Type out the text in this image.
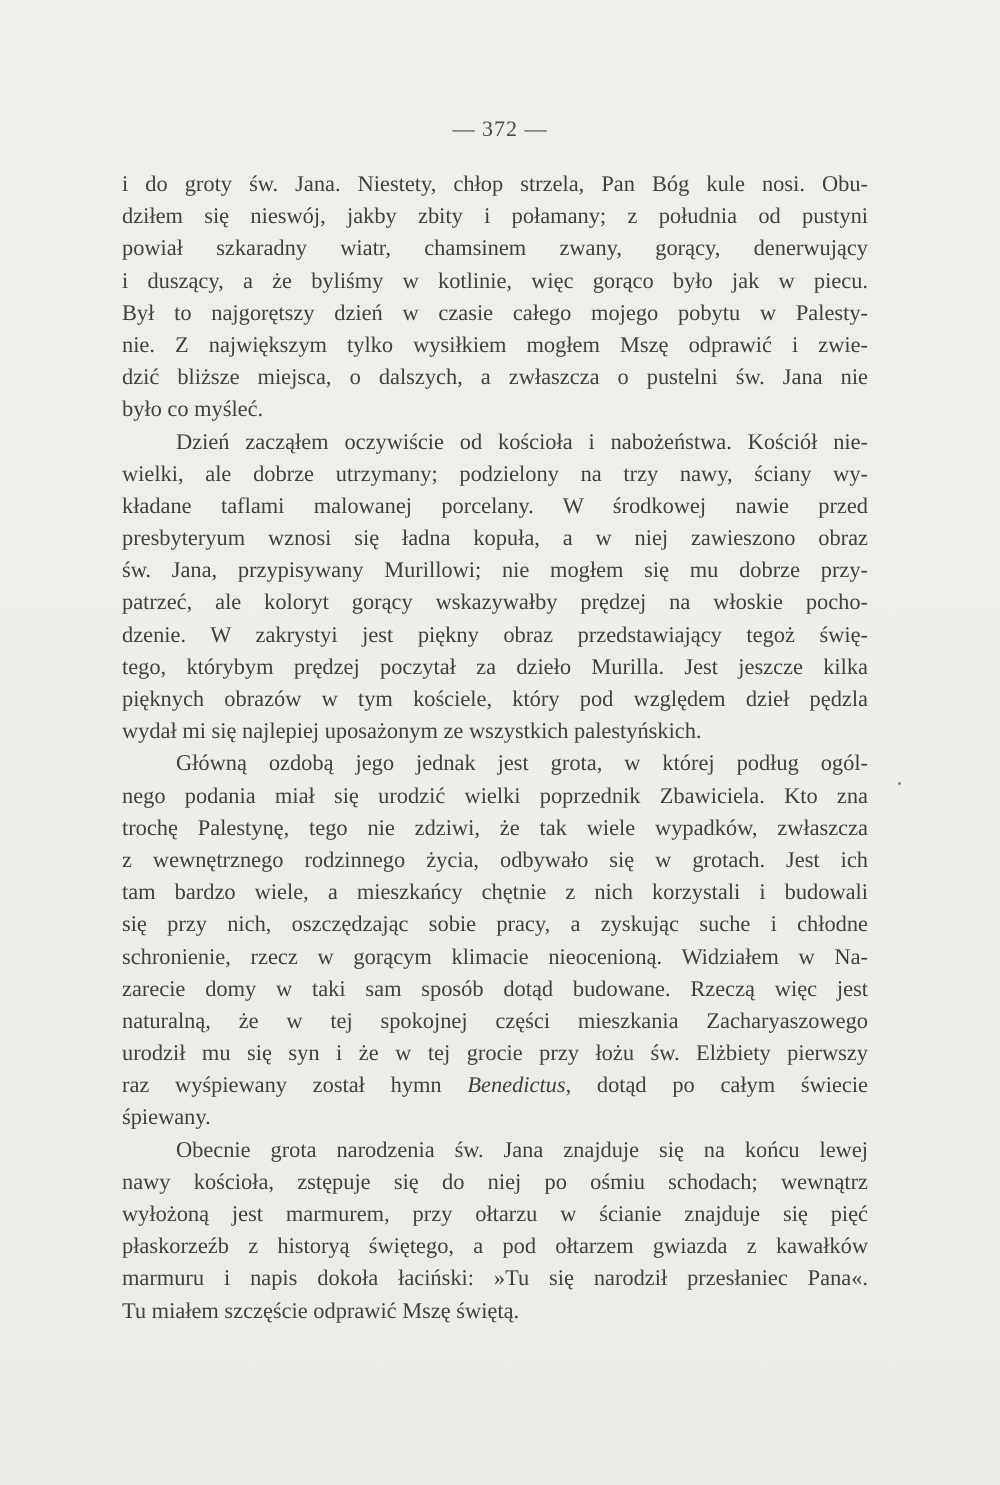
— 372 —
i do groty św. Jana. Niestety, chłop strzela, Pan Bóg kule nosi. Obu-
dziłem się nieswój, jakby zbity i połamany; z południa od pustyni
powiał szkaradny wiatr, chamsinem zwany, gorący, denerwujący
i duszący, a że byliśmy w kotlinie, więc gorąco było jak w piecu.
Był to najgorętszy dzień w czasie całego mojego pobytu w Palesty-
nie. Z największym tylko wysiłkiem mogłem Mszę odprawić i zwie-
dzić bliższe miejsca, o dalszych, a zwłaszcza o pustelni św. Jana nie
było co myśleć.
Dzień zacząłem oczywiście od kościoła i nabożeństwa. Kościół nie-
wielki, ale dobrze utrzymany; podzielony na trzy nawy, ściany wy-
kładane taflami malowanej porcelany. W środkowej nawie przed
presbyteryum wznosi się ładna kopuła, a w niej zawieszono obraz
św. Jana, przypisywany Murillowi; nie mogłem się mu dobrze przy-
patrzeć, ale koloryt gorący wskazywałby prędzej na włoskie pocho-
dzenie. W zakrystyi jest piękny obraz przedstawiający tegoż świę-
tego, którybym prędzej poczytał za dzieło Murilla. Jest jeszcze kilka
pięknych obrazów w tym kościele, który pod względem dzieł pędzla
wydał mi się najlepiej uposażonym ze wszystkich palestyńskich.
Główną ozdobą jego jednak jest grota, w której podług ogól-
nego podania miał się urodzić wielki poprzednik Zbawiciela. Kto zna
trochę Palestynę, tego nie zdziwi, że tak wiele wypadków, zwłaszcza
z wewnętrznego rodzinnego życia, odbywało się w grotach. Jest ich
tam bardzo wiele, a mieszkańcy chętnie z nich korzystali i budowali
się przy nich, oszczędzając sobie pracy, a zyskując suche i chłodne
schronienie, rzecz w gorącym klimacie nieocenioną. Widziałem w Na-
zarecie domy w taki sam sposób dotąd budowane. Rzeczą więc jest
naturalną, że w tej spokojnej części mieszkania Zacharyaszowego
urodził mu się syn i że w tej grocie przy łożu św. Elżbiety pierwszy
raz wyśpiewany został hymn Benedictus, dotąd po całym świecie
śpiewany.
Obecnie grota narodzenia św. Jana znajduje się na końcu lewej
nawy kościoła, zstępuje się do niej po ośmiu schodach; wewnątrz
wyłożoną jest marmurem, przy ołtarzu w ścianie znajduje się pięć
płaskorzeźb z historyą świętego, a pod ołtarzem gwiazda z kawałków
marmuru i napis dokoła łaciński: »Tu się narodził przesłaniec Pana«.
Tu miałem szczęście odprawić Mszę świętą.
